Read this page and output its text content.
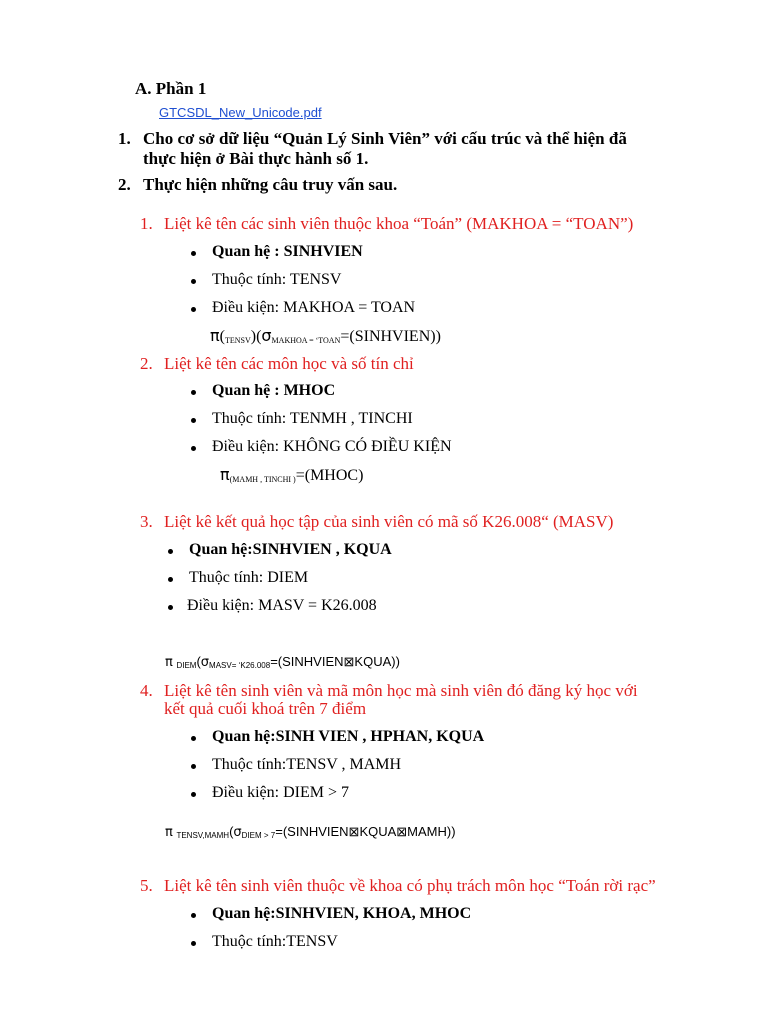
A. Phần 1
GTCSDL_New_Unicode.pdf
1. Cho cơ sở dữ liệu “Quản Lý Sinh Viên” với cấu trúc và thể hiện đã
thực hiện ở Bài thực hành số 1.
2. Thực hiện những câu truy vấn sau.
1. Liệt kê tên các sinh viên thuộc khoa “Toán” (MAKHOA = “TOAN”)
Quan hệ : SINHVIEN
Thuộc tính: TENSV
Điều kiện: MAKHOA = TOAN
$\pi(_{TENSV})(\sigma_{MAKHOA = ‘TOAN}=(SINHVIEN))$
2. Liệt kê tên các môn học và số tín chỉ
Quan hệ : MHOC
Thuộc tính: TENMH , TINCHI
Điều kiện: KHÔNG CÓ ĐIỀU KIỆN
$\pi_{(MAMH , TINCHI )}=(MHOC)$
3. Liệt kê kết quả học tập của sinh viên có mã số K26.008“ (MASV)
Quan hệ:SINHVIEN , KQUA
Thuộc tính: DIEM
Điều kiện: MASV = K26.008
π $_{DIEM}(\sigma_{MASV= ‘K26.008}=(SINHVIEN⊠KQUA))$
4. Liệt kê tên sinh viên và mã môn học mà sinh viên đó đăng ký học với
kết quả cuối khoá trên 7 điểm
Quan hệ:SINH VIEN , HPHAN, KQUA
Thuộc tính:TENSV , MAMH
Điều kiện: DIEM > 7
π $_{TENSV,MAMH}(\sigma_{DIEM > 7}=(SINHVIEN⊠KQUA⊠MAMH))$
5. Liệt kê tên sinh viên thuộc về khoa có phụ trách môn học “Toán rời rạc”
Quan hệ:SINHVIEN, KHOA, MHOC
Thuộc tính:TENSV
